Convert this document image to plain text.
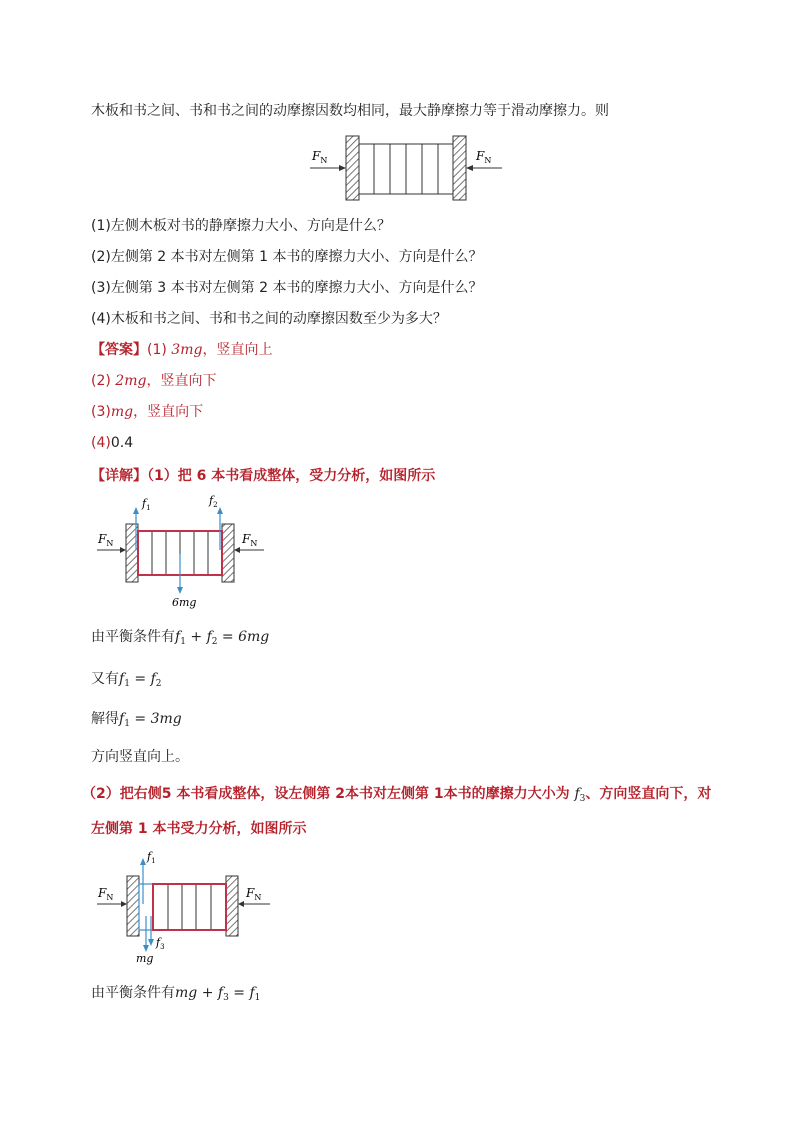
木板和书之间、书和书之间的动摩擦因数均相同，最大静摩擦力等于滑动摩擦力。则
$F_N$	$F_N$
(1)左侧木板对书的静摩擦力大小、方向是什么？
(2)左侧第 2 本书对左侧第 1 本书的摩擦力大小、方向是什么？
(3)左侧第 3 本书对左侧第 2 本书的摩擦力大小、方向是什么？
(4)木板和书之间、书和书之间的动摩擦因数至少为多大？
【答案】(1) 3mg，竖直向上
(2) 2mg，竖直向下
(3)mg，竖直向下
(4)0.4
【详解】（1）把 6 本书看成整体，受力分析，如图所示
$F_N$	$F_N$
$f_1$
$f_2$
6mg
由平衡条件有$f_1 + f_2 = 6mg$
又有$f_1 = f_2$
解得$f_1 = 3mg$
方向竖直向上。
（2）把右侧5 本书看成整体，设左侧第 2本书对左侧第 1本书的摩擦力大小为 $f_3$、方向竖直向下，对
左侧第 1 本书受力分析，如图所示
$F_N$	$F_N$
$f_1$
$f_3$
mg
由平衡条件有mg + $f_3 = f_1$
